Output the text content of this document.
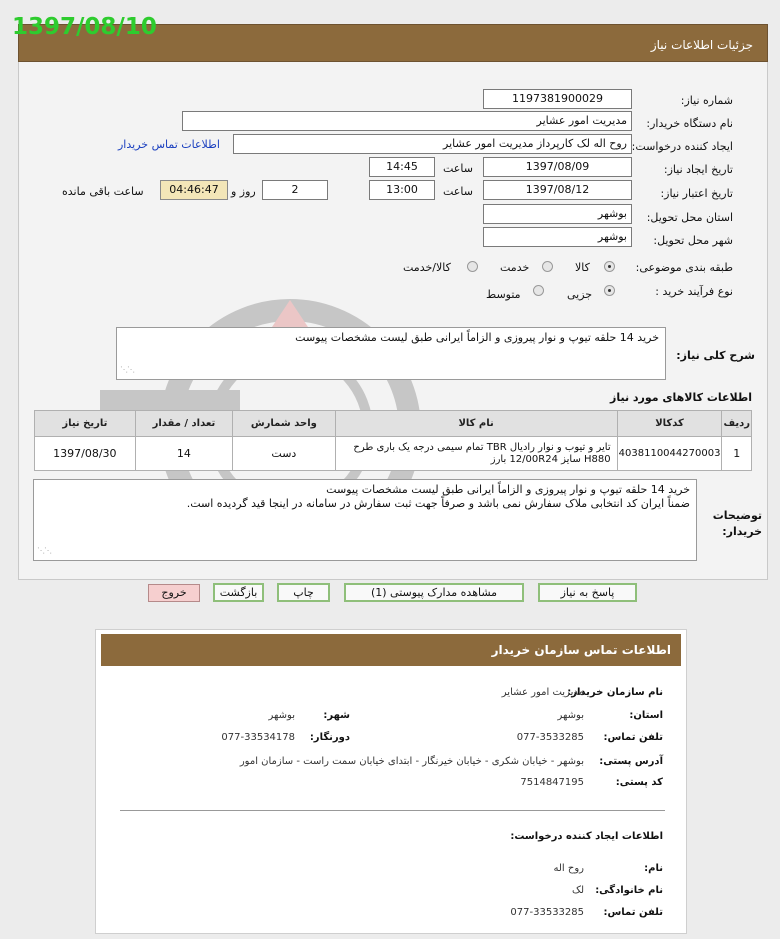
جزئیات اطلاعات نیاز
1397/08/10
شماره نیاز:
1197381900029
نام دستگاه خریدار:
مدیریت امور عشایر
ایجاد کننده درخواست:
روح اله لک کارپرداز مدیریت امور عشایر
اطلاعات تماس خریدار
تاریخ ایجاد نیاز:
1397/08/09
ساعت
14:45
تاریخ اعتبار نیاز:
1397/08/12
ساعت
13:00
2
روز و
04:46:47
ساعت باقی مانده
استان محل تحویل:
بوشهر
شهر محل تحویل:
بوشهر
طبقه بندی موضوعی:
کالا
خدمت
کالا/خدمت
نوع فرآیند خرید :
جزیی
متوسط
شرح کلی نیاز:
خرید 14 حلقه تیوپ و نوار پیروزی و الزاماً ایرانی طبق لیست مشخصات پیوست
⋰⋰
اطلاعات کالاهای مورد نیاز
ردیف	کدکالا	نام کالا	واحد شمارش	تعداد / مقدار	تاریخ نیاز
1	4038110044270003	تایر و تیوب و نوار رادیال TBR تمام سیمی درجه یک باری طرح H880 سایز 12/00R24 بارز	دست	14	1397/08/30
توضیحات خریدار:
خرید 14 حلقه تیوپ و نوار پیروزی و الزاماً ایرانی طبق لیست مشخصات پیوست
ضمناً ایران کد انتخابی ملاک سفارش نمی باشد و صرفاً جهت ثبت سفارش در سامانه در اینجا قید گردیده است.
⋰⋰
پاسخ به نیاز
مشاهده مدارک پیوستی (1)
چاپ
بازگشت
خروج
اطلاعات تماس سازمان خریدار
نام سازمان خریدار:
مدیریت امور عشایر
استان:
بوشهر
شهر:
بوشهر
تلفن تماس:
077-3533285
دورنگار:
077-33534178
آدرس پستی:
بوشهر - خیابان شکری - خیابان خیرنگار - ابتدای خیابان سمت راست - سازمان امور
کد پستی:
7514847195
اطلاعات ایجاد کننده درخواست:
نام:
روح اله
نام خانوادگی:
لک
تلفن تماس:
077-33533285
